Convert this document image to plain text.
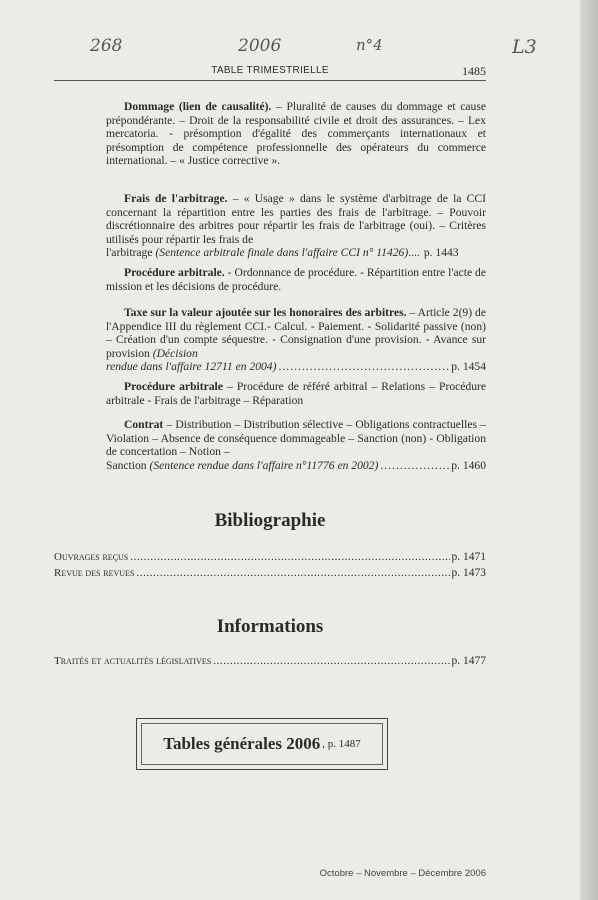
268	2006	n°4	L3
TABLE TRIMESTRIELLE	1485
Dommage (lien de causalité). – Pluralité de causes du dommage et cause prépondérante. – Droit de la responsabilité civile et droit des assurances. – Lex mercatoria. - présomption d'égalité des commerçants internationaux et présomption de compétence professionnelle des opérateurs du commerce international. – « Justice corrective ».
Frais de l'arbitrage. – « Usage » dans le système d'arbitrage de la CCI concernant la répartition entre les parties des frais de l'arbitrage. – Pouvoir discrétionnaire des arbitres pour répartir les frais de l'arbitrage (oui). – Critères utilisés pour répartir les frais de
l'arbitrage (Sentence arbitrale finale dans l'affaire CCI n° 11426) .... p. 1443
Procédure arbitrale. - Ordonnance de procédure. - Répartition entre l'acte de mission et les décisions de procédure.
Taxe sur la valeur ajoutée sur les honoraires des arbitres. – Article 2(9) de l'Appendice III du règlement CCI.- Calcul. - Paiement. - Solidarité passive (non) – Création d'un compte séquestre. - Consignation d'une provision. - Avance sur provision (Décision
rendue dans l'affaire 12711 en 2004) .....	p. 1454
Procédure arbitrale – Procédure de référé arbitral – Relations – Procédure arbitrale - Frais de l'arbitrage – Réparation
Contrat – Distribution – Distribution sélective – Obligations contractuelles – Violation – Absence de conséquence dommageable – Sanction (non) - Obligation de concertation – Notion –
Sanction (Sentence rendue dans l'affaire n°11776 en 2002) .....	p. 1460
Bibliographie
Ouvrages reçus .....	p. 1471
Revue des revues .....	p. 1473
Informations
Traités et actualités législatives .....	p. 1477
Tables générales 2006 , p. 1487
Octobre – Novembre – Décembre 2006
